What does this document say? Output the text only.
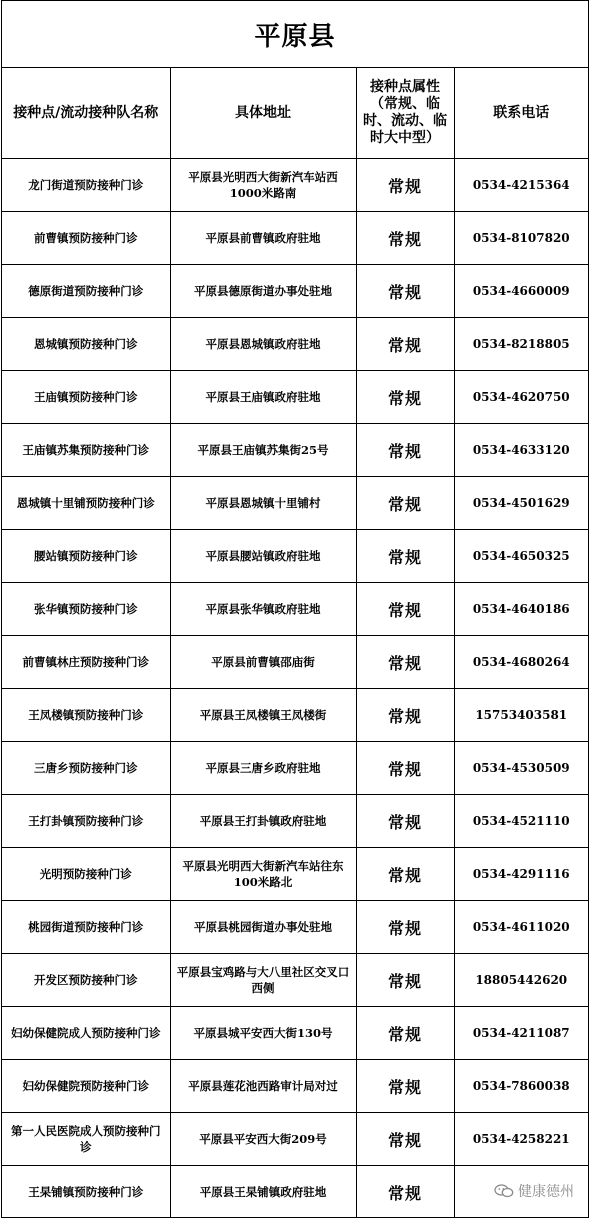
平原县
接种点/流动接种队名称	具体地址	接种点属性（常规、临时、流动、临时大中型）	联系电话
龙门街道预防接种门诊	平原县光明西大街新汽车站西1000米路南	常规	0534-4215364
前曹镇预防接种门诊	平原县前曹镇政府驻地	常规	0534-8107820
德原街道预防接种门诊	平原县德原街道办事处驻地	常规	0534-4660009
恩城镇预防接种门诊	平原县恩城镇政府驻地	常规	0534-8218805
王庙镇预防接种门诊	平原县王庙镇政府驻地	常规	0534-4620750
王庙镇苏集预防接种门诊	平原县王庙镇苏集街25号	常规	0534-4633120
恩城镇十里铺预防接种门诊	平原县恩城镇十里铺村	常规	0534-4501629
腰站镇预防接种门诊	平原县腰站镇政府驻地	常规	0534-4650325
张华镇预防接种门诊	平原县张华镇政府驻地	常规	0534-4640186
前曹镇林庄预防接种门诊	平原县前曹镇邵庙街	常规	0534-4680264
王凤楼镇预防接种门诊	平原县王凤楼镇王凤楼街	常规	15753403581
三唐乡预防接种门诊	平原县三唐乡政府驻地	常规	0534-4530509
王打卦镇预防接种门诊	平原县王打卦镇政府驻地	常规	0534-4521110
光明预防接种门诊	平原县光明西大街新汽车站往东100米路北	常规	0534-4291116
桃园街道预防接种门诊	平原县桃园街道办事处驻地	常规	0534-4611020
开发区预防接种门诊	平原县宝鸡路与大八里社区交叉口西侧	常规	18805442620
妇幼保健院成人预防接种门诊	平原县城平安西大街130号	常规	0534-4211087
妇幼保健院预防接种门诊	平原县莲花池西路审计局对过	常规	0534-7860038
第一人民医院成人预防接种门诊	平原县平安西大街209号	常规	0534-4258221
王杲铺镇预防接种门诊	平原县王杲铺镇政府驻地	常规		健康德州
